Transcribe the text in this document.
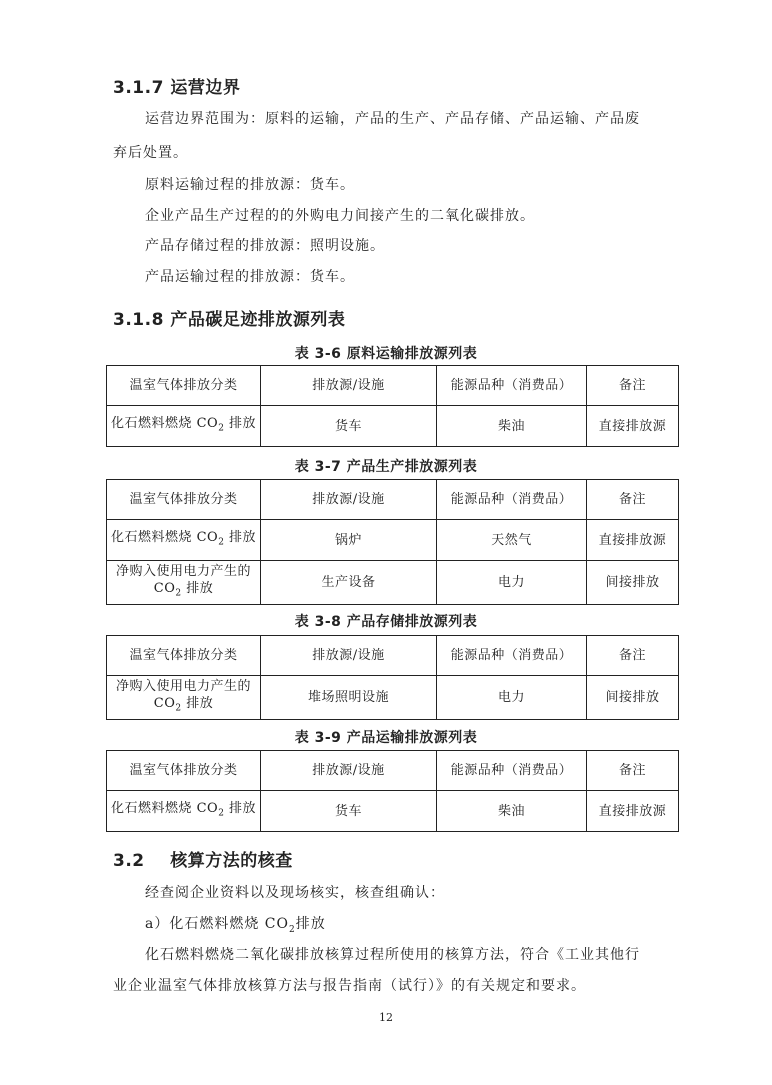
3.1.7 运营边界
运营边界范围为：原料的运输，产品的生产、产品存储、产品运输、产品废
弃后处置。
原料运输过程的排放源：货车。
企业产品生产过程的的外购电力间接产生的二氧化碳排放。
产品存储过程的排放源：照明设施。
产品运输过程的排放源：货车。
3.1.8 产品碳足迹排放源列表
表 3-6 原料运输排放源列表
温室气体排放分类	排放源/设施	能源品种（消费品）	备注
化石燃料燃烧 $CO_2$ 排放	货车	柴油	直接排放源
表 3-7 产品生产排放源列表
温室气体排放分类	排放源/设施	能源品种（消费品）	备注
化石燃料燃烧 $CO_2$ 排放	锅炉	天然气	直接排放源
净购入使用电力产生的
$CO_2$ 排放	生产设备	电力	间接排放
表 3-8 产品存储排放源列表
温室气体排放分类	排放源/设施	能源品种（消费品）	备注
净购入使用电力产生的
$CO_2$ 排放	堆场照明设施	电力	间接排放
表 3-9 产品运输排放源列表
温室气体排放分类	排放源/设施	能源品种（消费品）	备注
化石燃料燃烧 $CO_2$ 排放	货车	柴油	直接排放源
3.2    核算方法的核查
经查阅企业资料以及现场核实，核查组确认：
a）化石燃料燃烧 $CO_2$排放
化石燃料燃烧二氧化碳排放核算过程所使用的核算方法，符合《工业其他行
业企业温室气体排放核算方法与报告指南（试行）》的有关规定和要求。
12
